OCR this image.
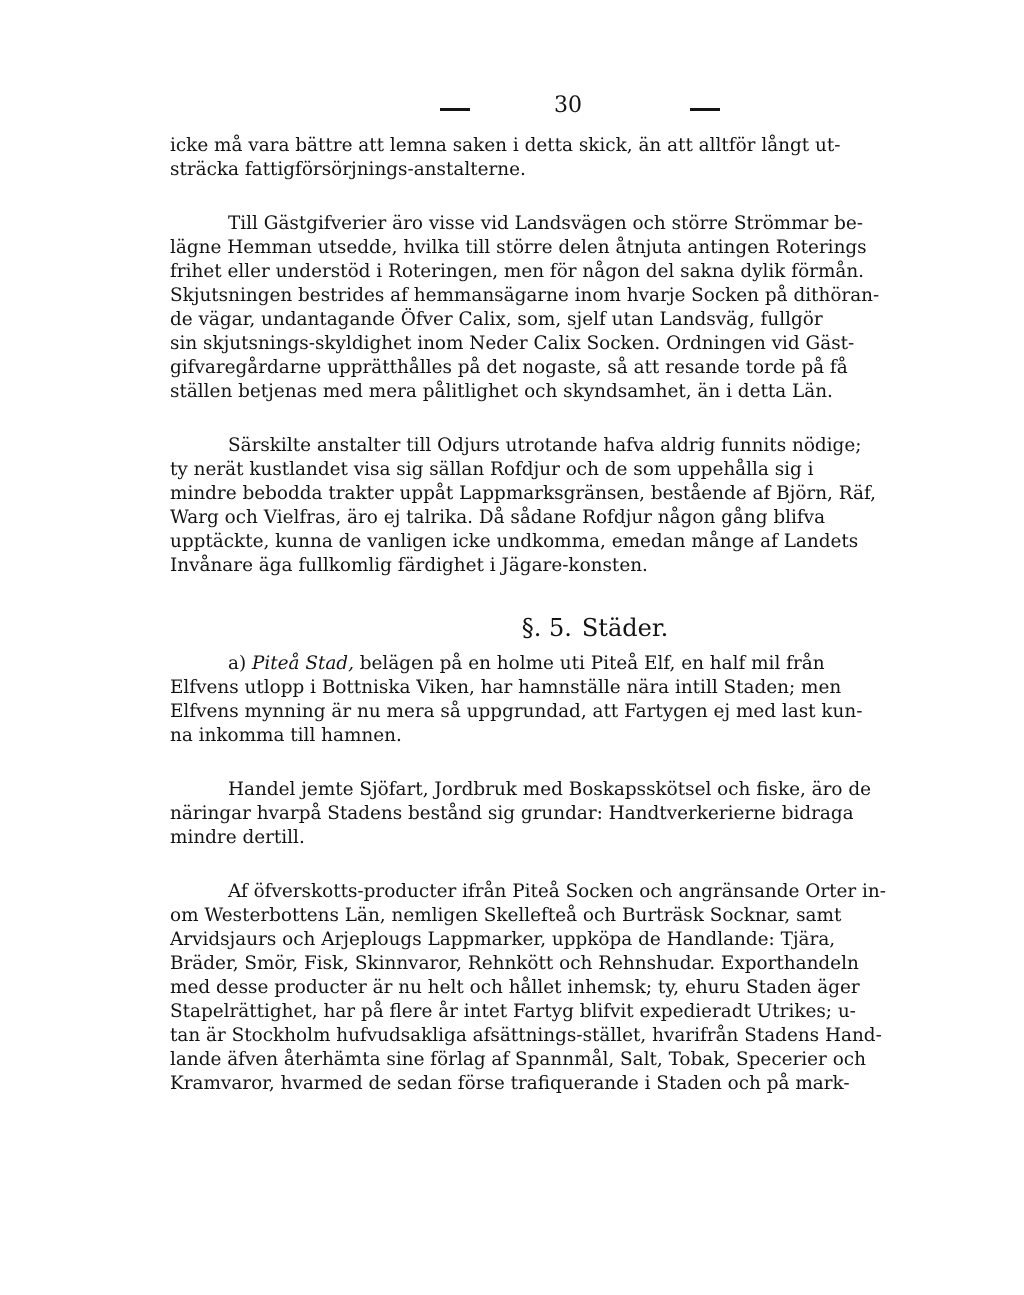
30

icke må vara bättre att lemna saken i detta skick, än att alltför långt ut-
sträcka fattigförsörjnings-anstalterne.

Till Gästgifverier äro visse vid Landsvägen och större Strömmar be-
lägne Hemman utsedde, hvilka till större delen åtnjuta antingen Roterings
frihet eller understöd i Roteringen, men för någon del sakna dylik förmån.
Skjutsningen bestrides af hemmansägarne inom hvarje Socken på dithöran-
de vägar, undantagande Öfver Calix, som, sjelf utan Landsväg, fullgör
sin skjutsnings-skyldighet inom Neder Calix Socken. Ordningen vid Gäst-
gifvaregårdarne upprätthålles på det nogaste, så att resande torde på få
ställen betjenas med mera pålitlighet och skyndsamhet, än i detta Län.

Särskilte anstalter till Odjurs utrotande hafva aldrig funnits nödige;
ty nerät kustlandet visa sig sällan Rofdjur och de som uppehålla sig i
mindre bebodda trakter uppåt Lappmarksgränsen, bestående af Björn, Räf,
Warg och Vielfras, äro ej talrika. Då sådane Rofdjur någon gång blifva
upptäckte, kunna de vanligen icke undkomma, emedan månge af Landets
Invånare äga fullkomlig färdighet i Jägare-konsten.

§. 5. Städer.

a) Piteå Stad, belägen på en holme uti Piteå Elf, en half mil från
Elfvens utlopp i Bottniska Viken, har hamnställe nära intill Staden; men
Elfvens mynning är nu mera så uppgrundad, att Fartygen ej med last kun-
na inkomma till hamnen.

Handel jemte Sjöfart, Jordbruk med Boskapsskötsel och fiske, äro de
näringar hvarpå Stadens bestånd sig grundar: Handtverkerierne bidraga
mindre dertill.

Af öfverskotts-producter ifrån Piteå Socken och angränsande Orter in-
om Westerbottens Län, nemligen Skellefteå och Burträsk Socknar, samt
Arvidsjaurs och Arjeplougs Lappmarker, uppköpa de Handlande: Tjära,
Bräder, Smör, Fisk, Skinnvaror, Rehnkött och Rehnshudar. Exporthandeln
med desse producter är nu helt och hållet inhemsk; ty, ehuru Staden äger
Stapelrättighet, har på flere år intet Fartyg blifvit expedieradt Utrikes; u-
tan är Stockholm hufvudsakliga afsättnings-stället, hvarifrån Stadens Hand-
lande äfven återhämta sine förlag af Spannmål, Salt, Tobak, Specerier och
Kramvaror, hvarmed de sedan förse trafiquerande i Staden och på mark-
